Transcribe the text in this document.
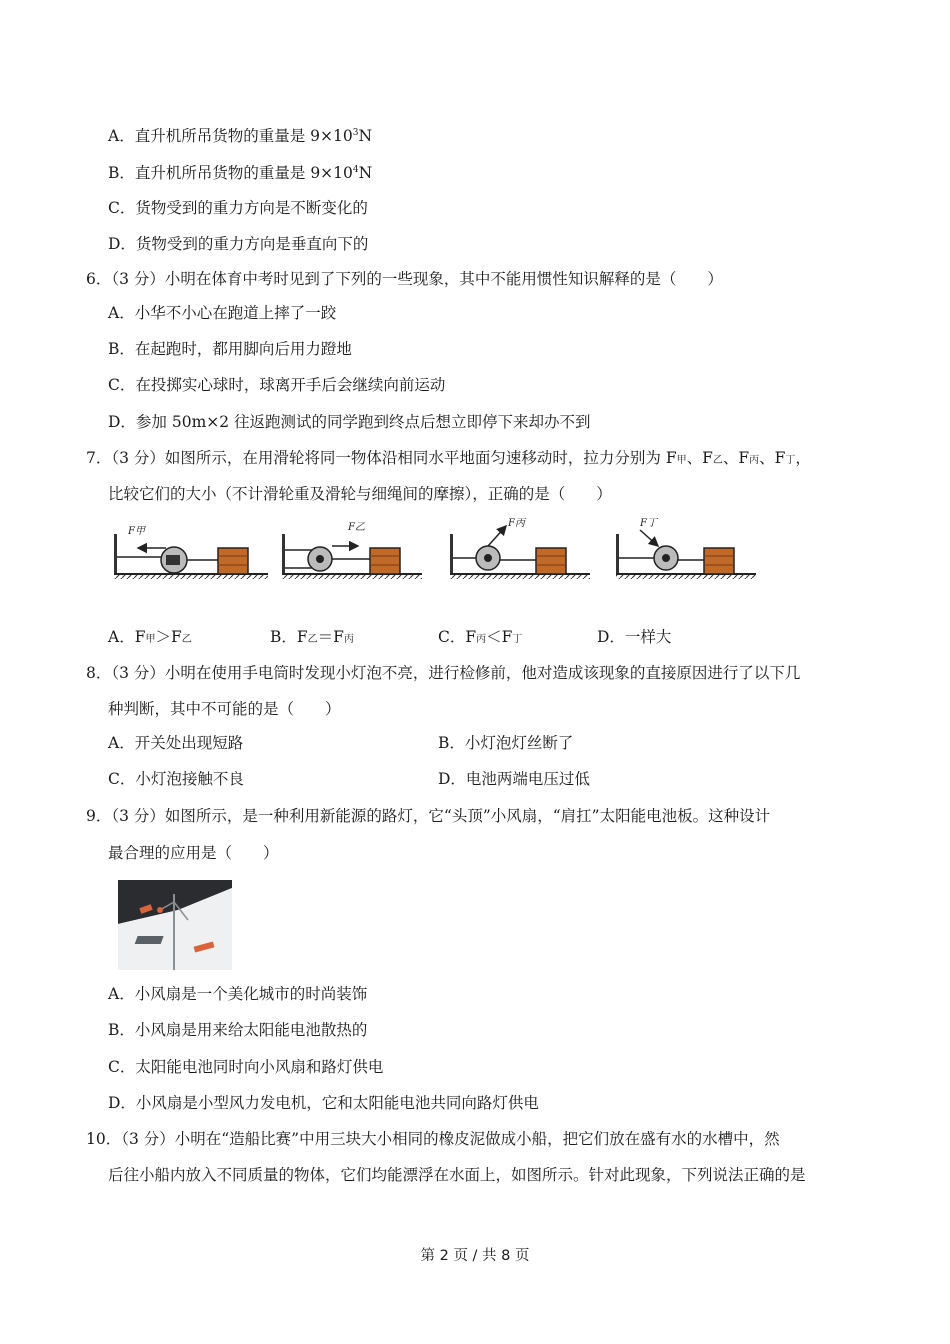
A．直升机所吊货物的重量是 $9\times 10^3N$
B．直升机所吊货物的重量是 $9\times 10^4N$
C．货物受到的重力方向是不断变化的
D．货物受到的重力方向是垂直向下的
6．（3 分）小明在体育中考时见到了下列的一些现象，其中不能用惯性知识解释的是（　　）
A．小华不小心在跑道上摔了一跤
B．在起跑时，都用脚向后用力蹬地
C．在投掷实心球时，球离开手后会继续向前运动
D．参加 50m×2 往返跑测试的同学跑到终点后想立即停下来却办不到
7．（3 分）如图所示，在用滑轮将同一物体沿相同水平地面匀速移动时，拉力分别为 F甲、F乙、F丙、F丁，
比较它们的大小（不计滑轮重及滑轮与细绳间的摩擦），正确的是（　　）
F甲	F乙	F丙	F丁
A．F甲＞F乙	B．F乙＝F丙	C．F丙＜F丁	D．一样大
8．（3 分）小明在使用手电筒时发现小灯泡不亮，进行检修前，他对造成该现象的直接原因进行了以下几
种判断，其中不可能的是（　　）
A．开关处出现短路	B．小灯泡灯丝断了
C．小灯泡接触不良	D．电池两端电压过低
9．（3 分）如图所示，是一种利用新能源的路灯，它“头顶”小风扇，“肩扛”太阳能电池板。这种设计
最合理的应用是（　　）
A．小风扇是一个美化城市的时尚装饰
B．小风扇是用来给太阳能电池散热的
C．太阳能电池同时向小风扇和路灯供电
D．小风扇是小型风力发电机，它和太阳能电池共同向路灯供电
10．（3 分）小明在“造船比赛”中用三块大小相同的橡皮泥做成小船，把它们放在盛有水的水槽中，然
后往小船内放入不同质量的物体，它们均能漂浮在水面上，如图所示。针对此现象，下列说法正确的是
第 2 页 / 共 8 页
